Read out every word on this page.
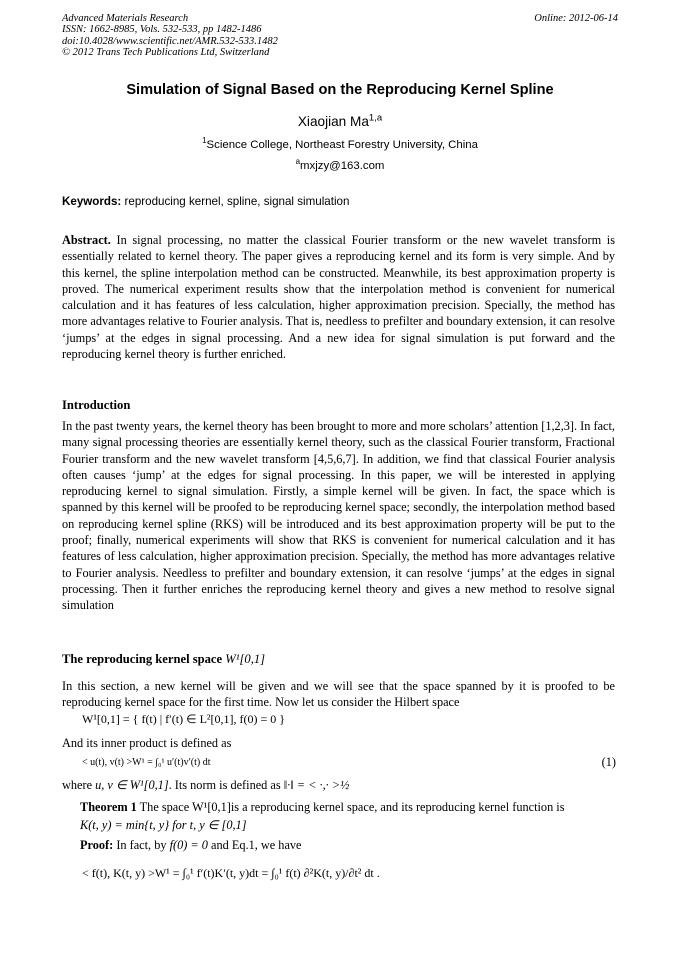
Advanced Materials Research
ISSN: 1662-8985, Vols. 532-533, pp 1482-1486
doi:10.4028/www.scientific.net/AMR.532-533.1482
© 2012 Trans Tech Publications Ltd, Switzerland
Online: 2012-06-14
Simulation of Signal Based on the Reproducing Kernel Spline
Xiaojian Ma$^{1,a}$
$^1$Science College, Northeast Forestry University, China
$^a$mxjzy@163.com
Keywords: reproducing kernel, spline, signal simulation

Abstract. In signal processing, no matter the classical Fourier transform or the new wavelet transform is essentially related to kernel theory. The paper gives a reproducing kernel and its form is very simple. And by this kernel, the spline interpolation method can be constructed. Meanwhile, its best approximation property is proved. The numerical experiment results show that the interpolation method is convenient for numerical calculation and it has features of less calculation, higher approximation precision. Specially, the method has more advantages relative to Fourier analysis. That is, needless to prefilter and boundary extension, it can resolve ‘jumps’ at the edges in signal processing. And a new idea for signal simulation is put forward and the reproducing kernel theory is further enriched.

Introduction

In the past twenty years, the kernel theory has been brought to more and more scholars’ attention [1,2,3]. In fact, many signal processing theories are essentially kernel theory, such as the classical Fourier transform, Fractional Fourier transform and the new wavelet transform [4,5,6,7]. In addition, we find that classical Fourier analysis often causes ‘jump’ at the edges for signal processing. In this paper, we will be interested in applying reproducing kernel to signal simulation. Firstly, a simple kernel will be given. In fact, the space which is spanned by this kernel will be proofed to be reproducing kernel space; secondly, the interpolation method based on reproducing kernel spline (RKS) will be introduced and its best approximation property will be put to the proof; finally, numerical experiments will show that RKS is convenient for numerical calculation and it has features of less calculation, higher approximation precision. Specially, the method has more advantages relative to Fourier analysis. Needless to prefilter and boundary extension, it can resolve ‘jumps’ at the edges in signal processing. Then it further enriches the reproducing kernel theory and gives a new method to resolve signal simulation

The reproducing kernel space W¹[0,1]

In this section, a new kernel will be given and we will see that the space spanned by it is proofed to be reproducing kernel space for the first time. Now let us consider the Hilbert space

W¹[0,1] = { f(t) | f′(t) ∈ L²[0,1], f(0) = 0 }
And its inner product is defined as
< u(t), v(t) >W¹ = ∫₀¹ u′(t)v′(t) dt	(1)
where u, v ∈ W¹[0,1]. Its norm is defined as ‖·‖ = < ·,· >½
Theorem 1 The space W¹[0,1]is a reproducing kernel space, and its reproducing kernel function is
K(t, y) = min{t, y} for t, y ∈ [0,1]
Proof: In fact, by f(0) = 0 and Eq.1, we have
< f(t), K(t, y) >W¹ = ∫₀¹ f′(t)K′(t, y)dt = ∫₀¹ f(t) ∂²K(t, y)/∂t² dt .
